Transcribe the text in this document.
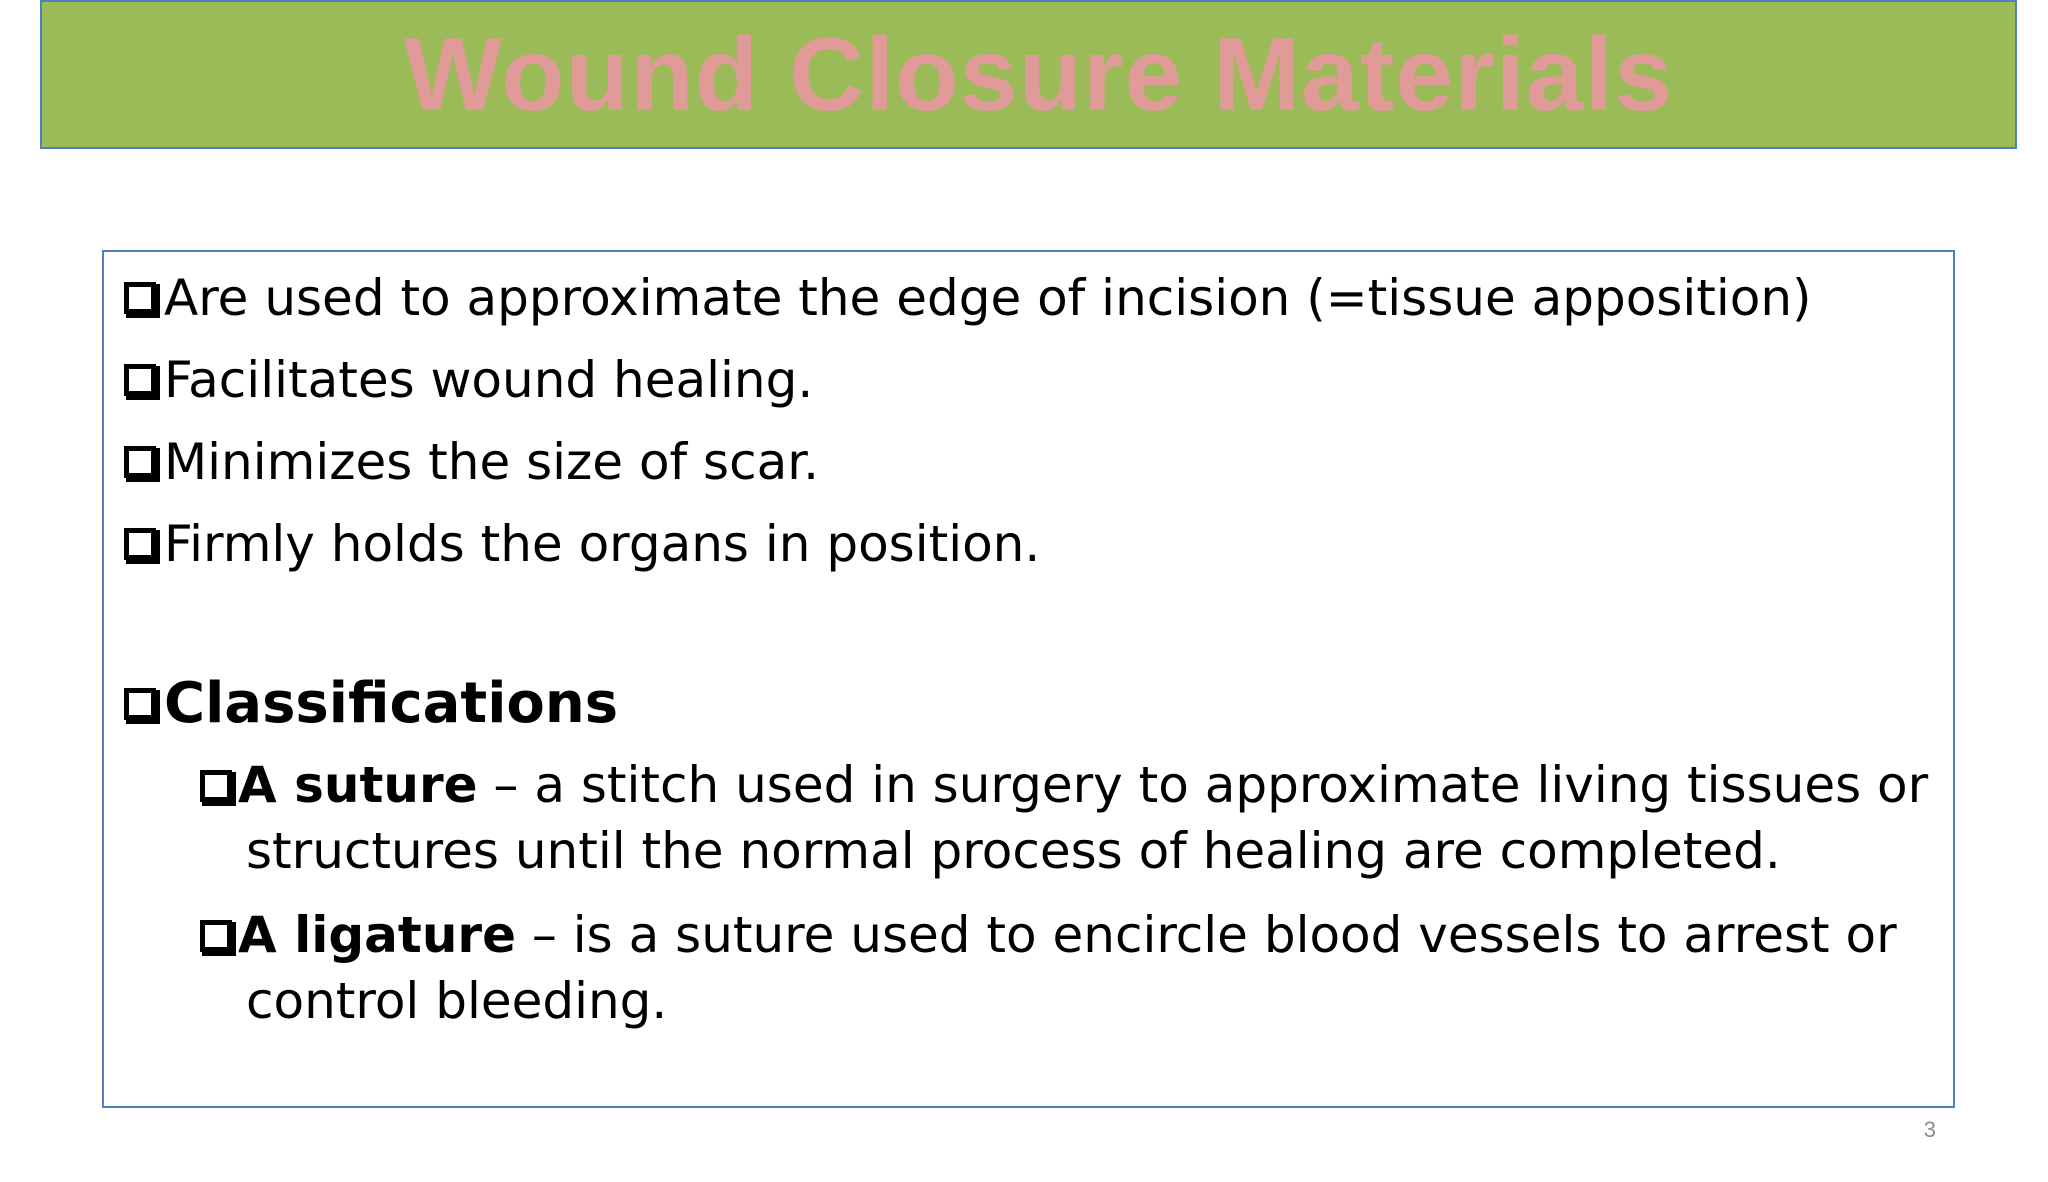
Wound Closure Materials
Are used to approximate the edge of incision (=tissue apposition)
Facilitates wound healing.
Minimizes the size of scar.
Firmly holds the organs in position.
Classifications
A suture – a stitch used in surgery to approximate living tissues or
structures until the normal process of healing are completed.
A ligature – is a suture used to encircle blood vessels to arrest or
control bleeding.
3
